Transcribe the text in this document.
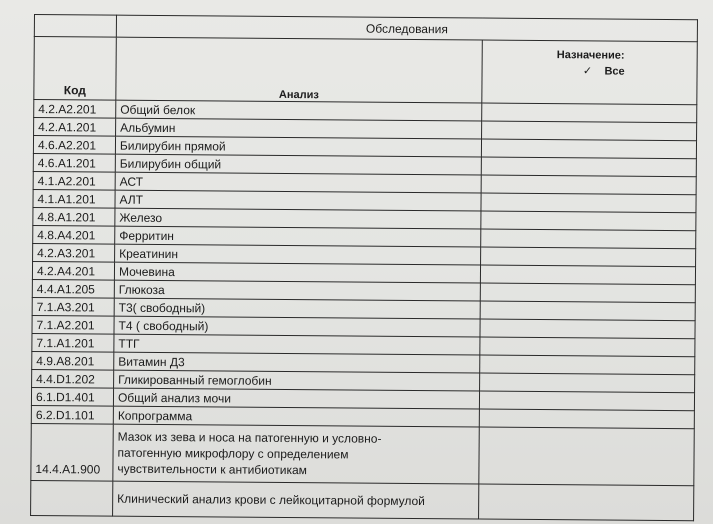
	Обследования	
Код	Анализ	Назначение:
✓ Все

4.2.A2.201	Общий белок	
4.2.A1.201	Альбумин	
4.6.A2.201	Билирубин прямой	
4.6.A1.201	Билирубин общий	
4.1.A2.201	АСТ	
4.1.A1.201	АЛТ	
4.8.A1.201	Железо	
4.8.A4.201	Ферритин	
4.2.A3.201	Креатинин	
4.2.A4.201	Мочевина	
4.4.A1.205	Глюкоза	
7.1.A3.201	Т3( свободный)	
7.1.A2.201	Т4 ( свободный)	
7.1.A1.201	ТТГ	
4.9.A8.201	Витамин Д3	
4.4.D1.202	Гликированный гемоглобин	
6.1.D1.401	Общий анализ мочи	
6.2.D1.101	Копрограмма	
14.4.A1.900	Мазок из зева и носа на патогенную и условно-
патогенную микрофлору с определением
чувствительности к антибиотикам	

	Клинический анализ крови с лейкоцитарной формулой	
